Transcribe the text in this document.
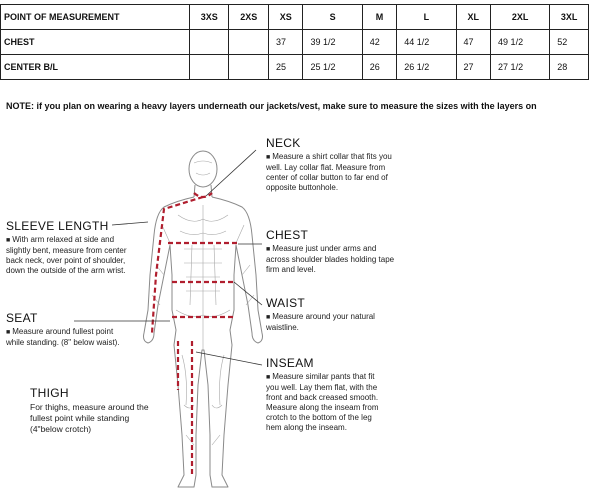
POINT OF MEASUREMENT	3XS	2XS	XS	S	M	L	XL	2XL	3XL
CHEST			37	39 1/2	42	44 1/2	47	49 1/2	52
CENTER B/L			25	25 1/2	26	26 1/2	27	27 1/2	28
NOTE: if you plan on wearing a heavy layers underneath our jackets/vest, make sure to measure the sizes with the layers on
NECK
■ Measure a shirt collar that fits you well. Lay collar flat. Measure from center of collar button to far end of opposite buttonhole.
CHEST
■ Measure just under arms and across shoulder blades holding tape firm and level.
WAIST
■ Measure around your natural waistline.
INSEAM
■ Measure similar pants that fit you well. Lay them flat, with the front and back creased smooth. Measure along the inseam from crotch to the bottom of the leg hem along the inseam.
SLEEVE LENGTH
■ With arm relaxed at side and slightly bent, measure from center back neck, over point of shoulder, down the outside of the arm wrist.
SEAT
■ Measure around fullest point while standing. (8" below waist).
THIGH
For thighs, measure around the fullest point while standing (4"below crotch)
